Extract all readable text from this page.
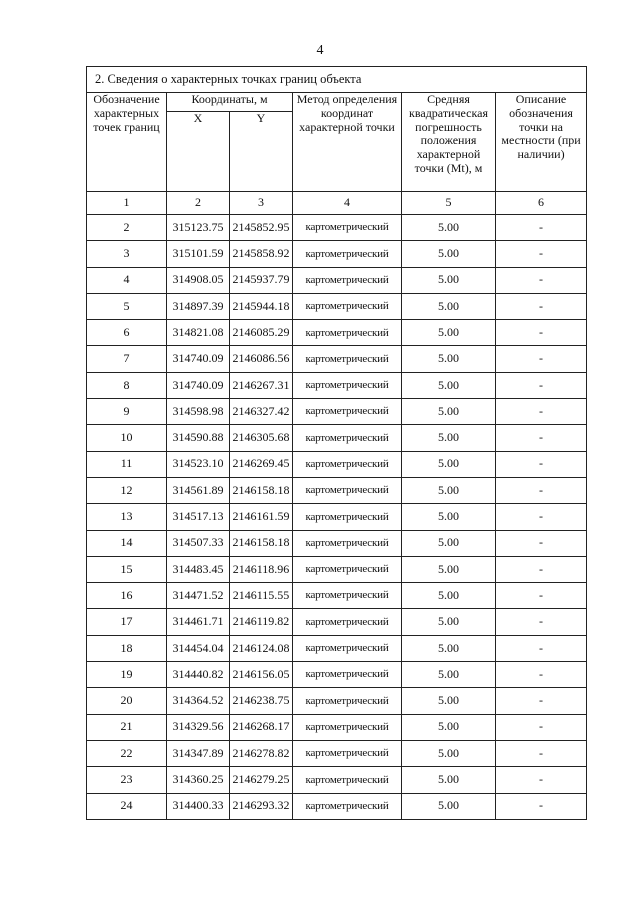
4
2. Сведения о характерных точках границ объекта					
Обозначение характерных точек границ	Координаты, м		Метод определения координат характерной точки	Средняя квадратическая погрешность положения характерной точки (Mt), м	Описание обозначения точки на местности (при наличии)
	X	Y			
1	2	3	4	5	6
2	315123.75	2145852.95	картометрический	5.00	-
3	315101.59	2145858.92	картометрический	5.00	-
4	314908.05	2145937.79	картометрический	5.00	-
5	314897.39	2145944.18	картометрический	5.00	-
6	314821.08	2146085.29	картометрический	5.00	-
7	314740.09	2146086.56	картометрический	5.00	-
8	314740.09	2146267.31	картометрический	5.00	-
9	314598.98	2146327.42	картометрический	5.00	-
10	314590.88	2146305.68	картометрический	5.00	-
11	314523.10	2146269.45	картометрический	5.00	-
12	314561.89	2146158.18	картометрический	5.00	-
13	314517.13	2146161.59	картометрический	5.00	-
14	314507.33	2146158.18	картометрический	5.00	-
15	314483.45	2146118.96	картометрический	5.00	-
16	314471.52	2146115.55	картометрический	5.00	-
17	314461.71	2146119.82	картометрический	5.00	-
18	314454.04	2146124.08	картометрический	5.00	-
19	314440.82	2146156.05	картометрический	5.00	-
20	314364.52	2146238.75	картометрический	5.00	-
21	314329.56	2146268.17	картометрический	5.00	-
22	314347.89	2146278.82	картометрический	5.00	-
23	314360.25	2146279.25	картометрический	5.00	-
24	314400.33	2146293.32	картометрический	5.00	-
